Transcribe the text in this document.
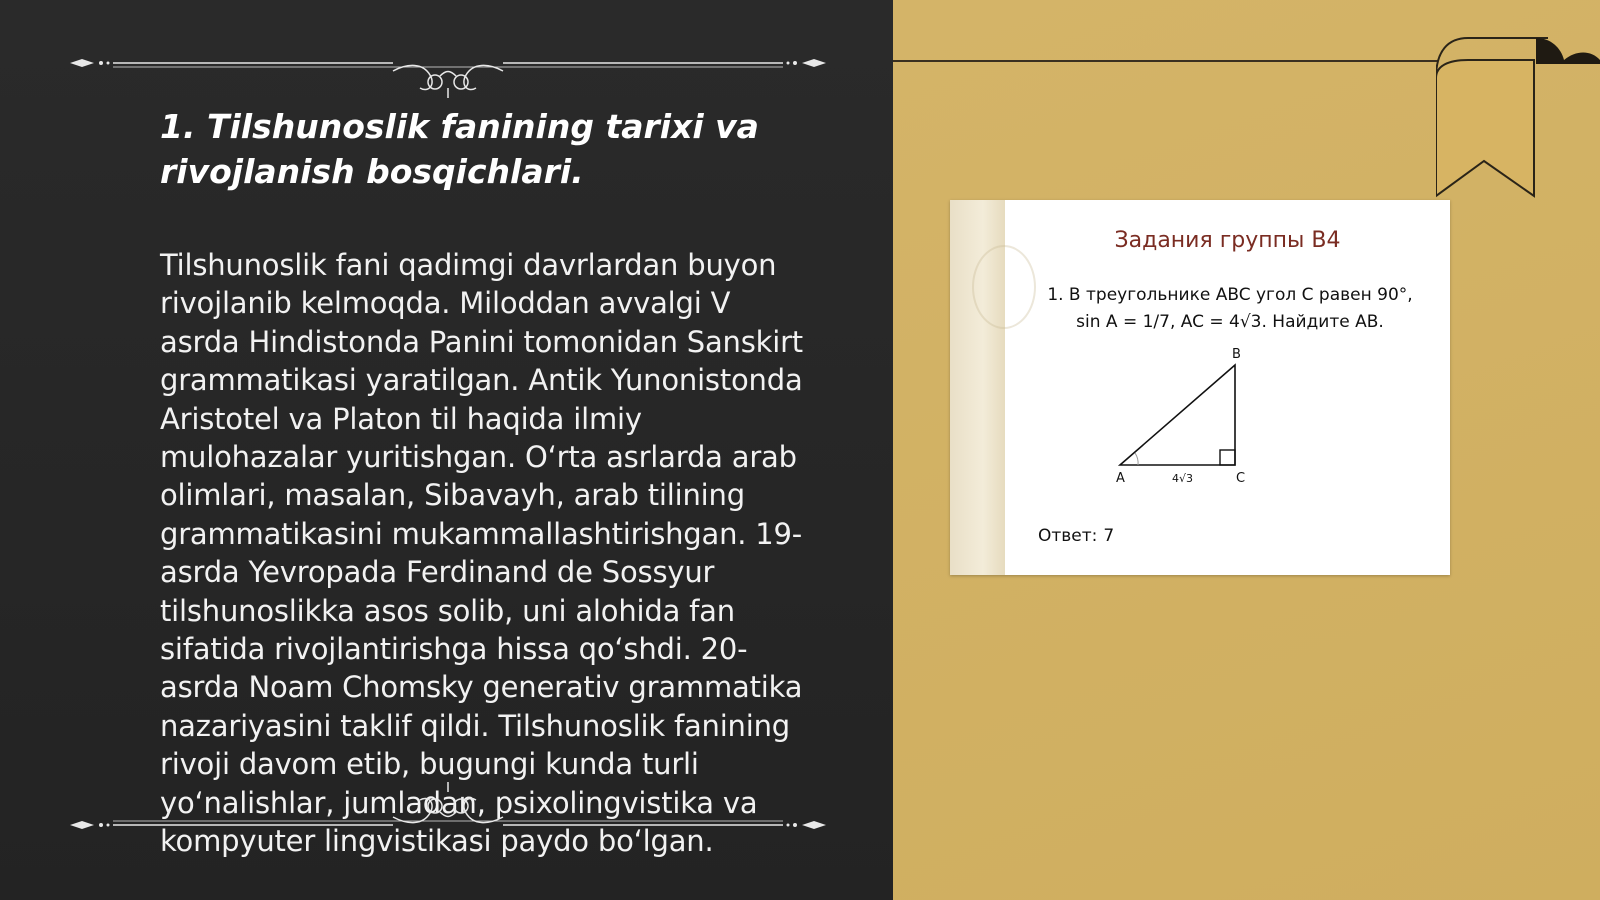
1. Tilshunoslik fanining tarixi va
rivojlanish bosqichlari.
Tilshunoslik fani qadimgi davrlardan buyon
rivojlanib kelmoqda. Miloddan avvalgi V
asrda Hindistonda Panini tomonidan Sanskirt
grammatikasi yaratilgan. Antik Yunonistonda
Aristotel va Platon til haqida ilmiy
mulohazalar yuritishgan. O‘rta asrlarda arab
olimlari, masalan, Sibavayh, arab tilining
grammatikasini mukammallashtirishgan. 19-
asrda Yevropada Ferdinand de Sossyur
tilshunoslikka asos solib, uni alohida fan
sifatida rivojlantirishga hissa qo‘shdi. 20-
asrda Noam Chomsky generativ grammatika
nazariyasini taklif qildi. Tilshunoslik fanining
rivoji davom etib, bugungi kunda turli
yo‘nalishlar, jumladan, psixolingvistika va
kompyuter lingvistikasi paydo bo‘lgan.
Задания группы В4
1. В треугольнике ABC угол C равен 90°,
sin A = 1/7, AC = 4√3. Найдите AB.
B
A	C
4√3
Ответ: 7
